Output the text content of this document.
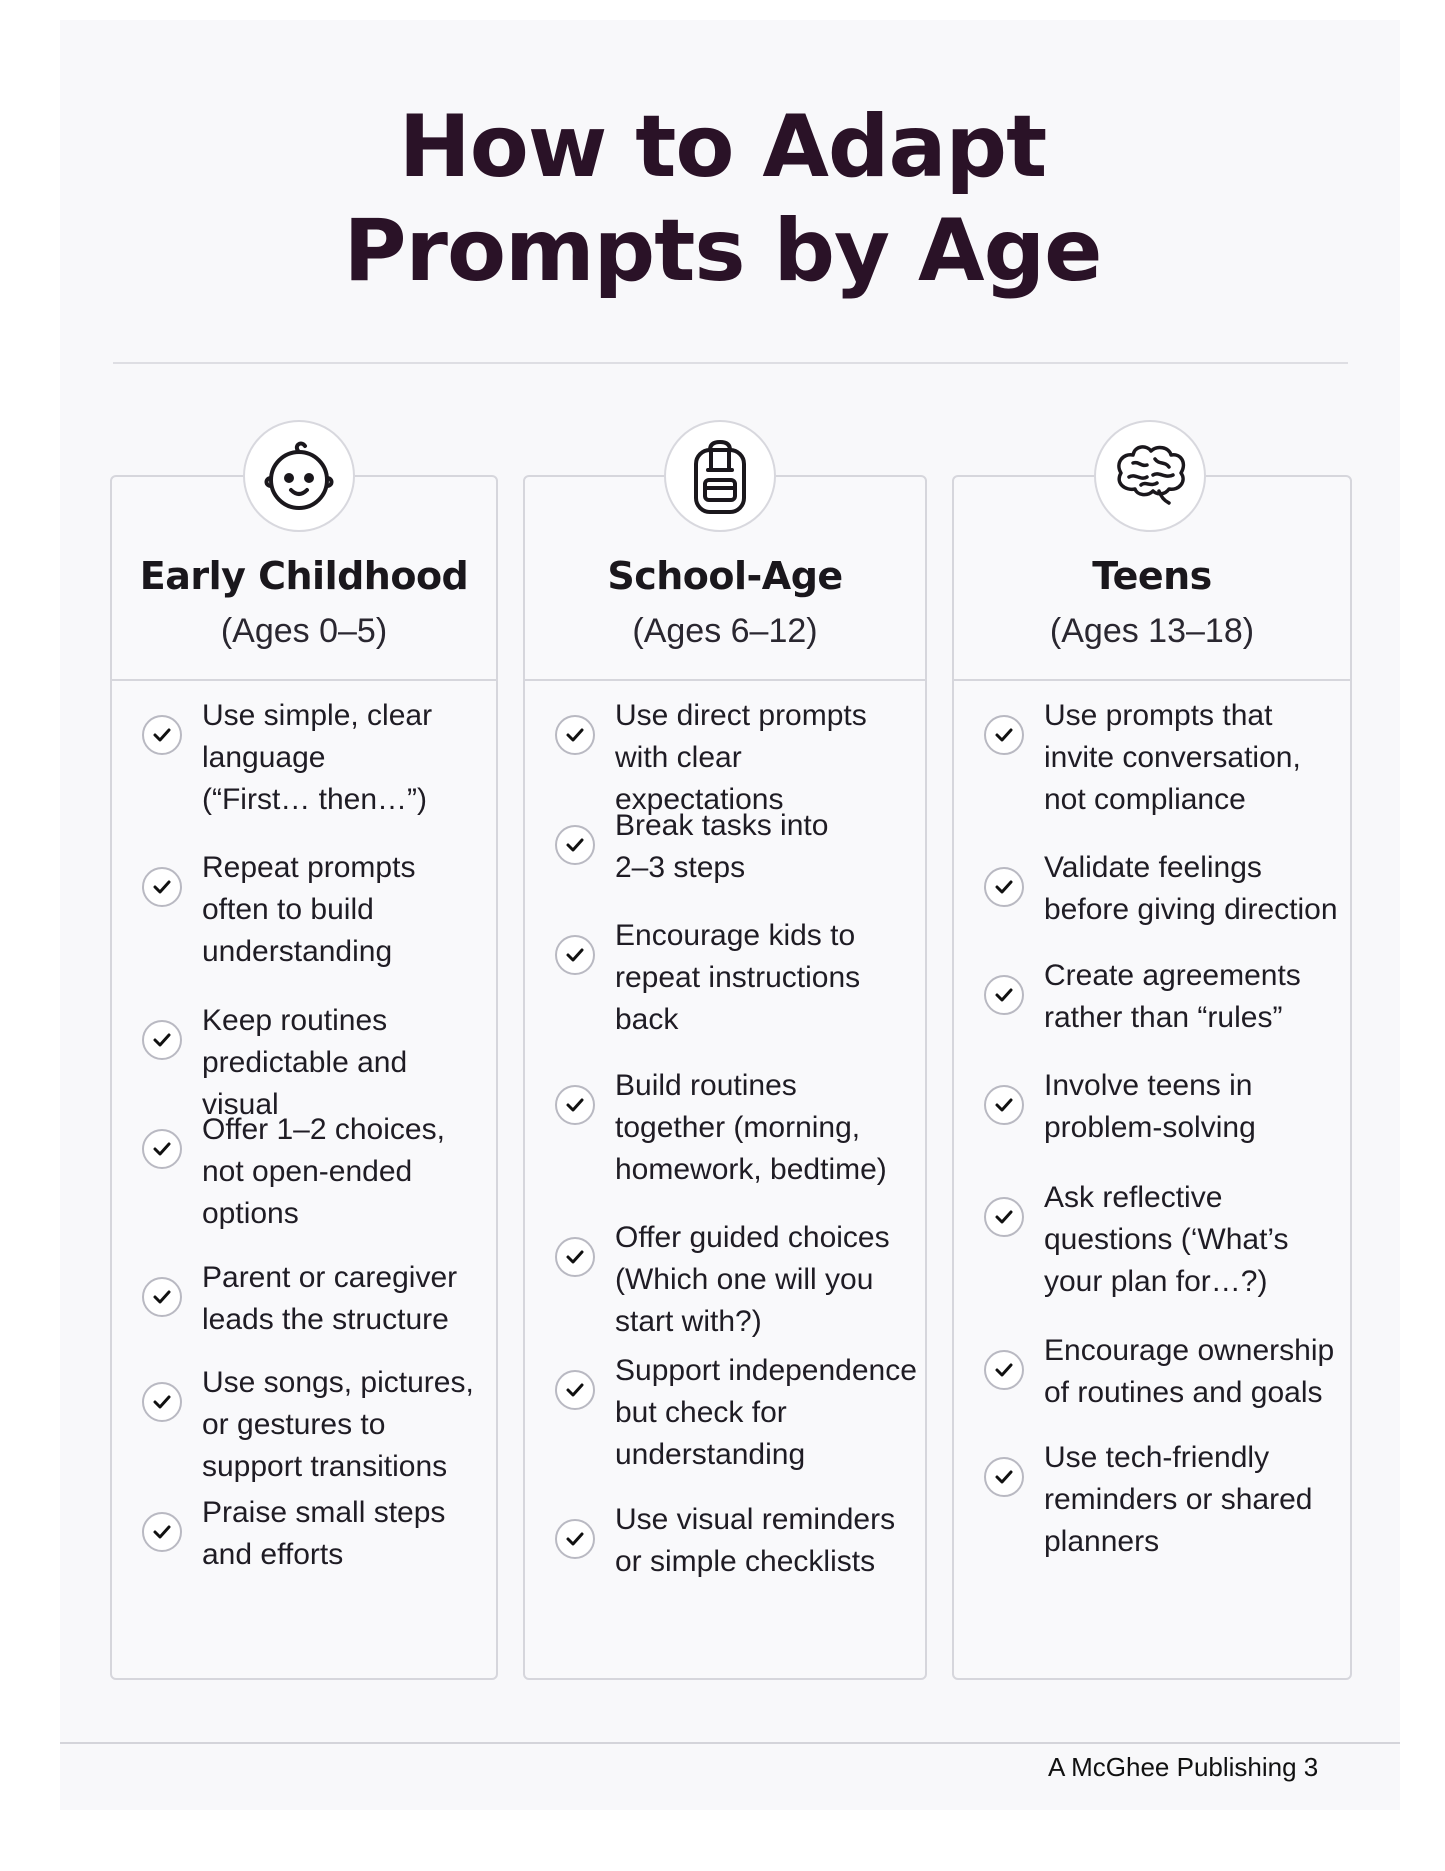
How to Adapt
Prompts by Age
Early Childhood
(Ages 0–5)
Use simple, clear
language
(“First… then…”)
Repeat prompts
often to build
understanding
Keep routines
predictable and visual
Offer 1–2 choices,
not open-ended
options
Parent or caregiver
leads the structure
Use songs, pictures,
or gestures to
support transitions
Praise small steps
and efforts
School-Age
(Ages 6–12)
Use direct prompts
with clear expectations
Break tasks into
2–3 steps
Encourage kids to
repeat instructions
back
Build routines
together (morning,
homework, bedtime)
Offer guided choices
(Which one will you
start with?)
Support independence
but check for
understanding
Use visual reminders
or simple checklists
Teens
(Ages 13–18)
Use prompts that
invite conversation,
not compliance
Validate feelings
before giving direction
Create agreements
rather than “rules”
Involve teens in
problem-solving
Ask reflective
questions (‘What’s
your plan for…?)
Encourage ownership
of routines and goals
Use tech-friendly
reminders or shared
planners
A McGhee Publishing 3
